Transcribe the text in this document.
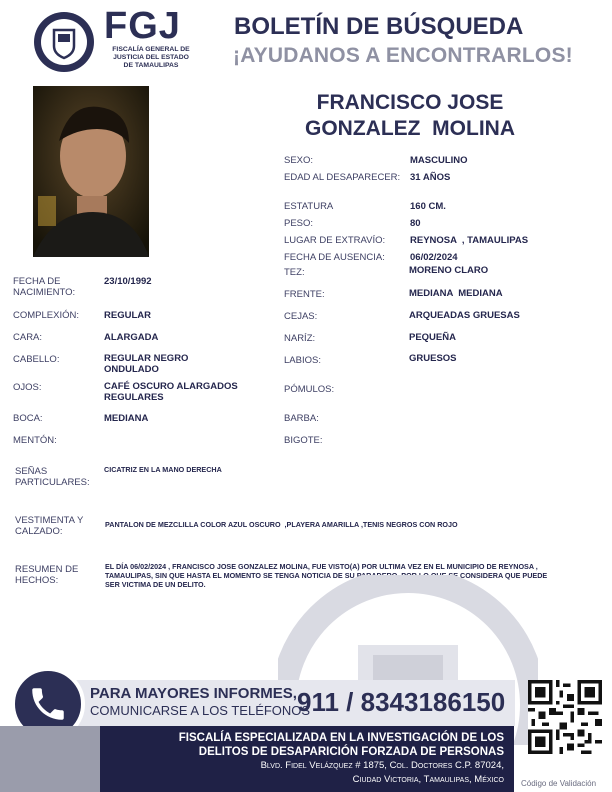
FGJ
FISCALÍA GENERAL DE
JUSTICIA DEL ESTADO
DE TAMAULIPAS
BOLETÍN DE BÚSQUEDA
¡AYUDANOS A ENCONTRARLOS!
FRANCISCO JOSE
GONZALEZ  MOLINA
SEXO:	MASCULINO
EDAD AL DESAPARECER: 31 AÑOS
ESTATURA	160 CM.
PESO:	80
LUGAR DE EXTRAVÍO:	REYNOSA  , TAMAULIPAS
FECHA DE AUSENCIA:	06/02/2024
TEZ:	MORENO CLARO
FRENTE:	MEDIANA  MEDIANA
CEJAS:	ARQUEADAS GRUESAS
NARÍZ:	PEQUEÑA
LABIOS:	GRUESOS
PÓMULOS:
BARBA:
BIGOTE:
FECHA DE
NACIMIENTO:
23/10/1992
COMPLEXIÓN:	REGULAR
CARA:	ALARGADA
CABELLO:	REGULAR NEGRO
ONDULADO
OJOS:	CAFÉ OSCURO ALARGADOS
REGULARES
BOCA:	MEDIANA
MENTÓN:
SEÑAS
PARTICULARES:
CICATRIZ EN LA MANO DERECHA
VESTIMENTA Y
CALZADO:
PANTALON DE MEZCLILLA COLOR AZUL OSCURO  ,PLAYERA AMARILLA ,TENIS NEGROS CON ROJO
RESUMEN DE
HECHOS:
EL DÍA 06/02/2024 , FRANCISCO JOSE GONZALEZ MOLINA, FUE VISTO(A) POR ULTIMA VEZ EN EL MUNICIPIO DE REYNOSA , TAMAULIPAS, SIN QUE HASTA EL MOMENTO SE TENGA NOTICIA DE SU PARADERO, POR LO QUE SE CONSIDERA QUE PUEDE SER VICTIMA DE UN DELITO.
PARA MAYORES INFORMES,
COMUNICARSE A LOS TELÉFONOS
911 / 8343186150
Código de Validación
FISCALÍA ESPECIALIZADA EN LA INVESTIGACIÓN DE LOS
DELITOS DE DESAPARICIÓN FORZADA DE PERSONAS
Blvd. Fidel Velázquez # 1875, Col. Doctores C.P. 87024,
Ciudad Victoria, Tamaulipas, México
